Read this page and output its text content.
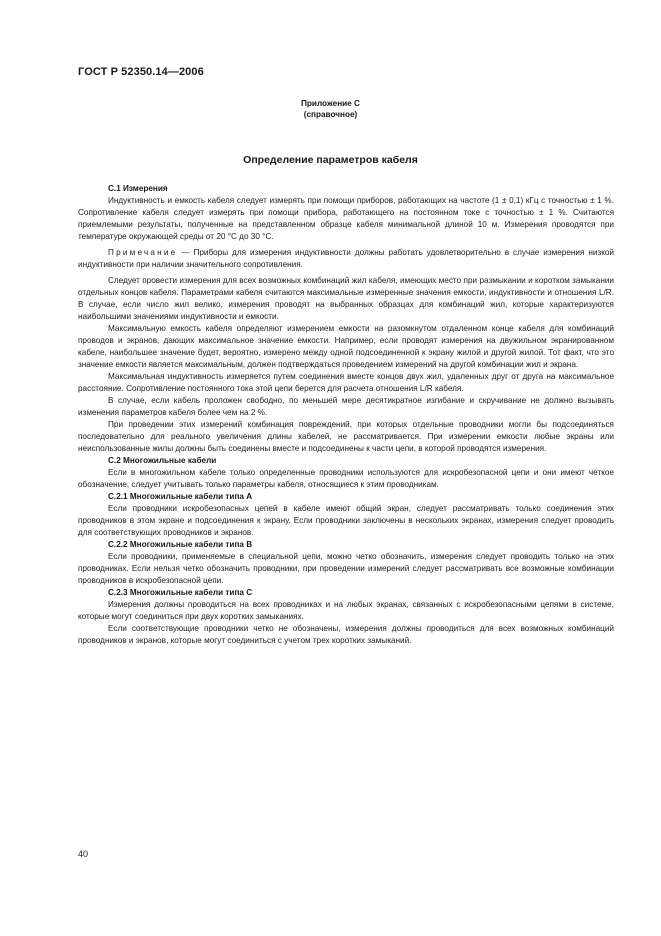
ГОСТ Р 52350.14—2006
Приложение С
(справочное)
Определение параметров кабеля

С.1 Измерения

Индуктивность и емкость кабеля следует измерять при помощи приборов, работающих на частоте (1 ± 0,1) кГц с точностью ± 1 %. Сопротивление кабеля следует измерять при помощи прибора, работающего на постоянном токе с точностью ± 1 %. Считаются приемлемыми результаты, полученные на представленном образце кабеля минимальной длиной 10 м. Измерения проводятся при температуре окружающей среды от 20 °С до 30 °С.

Примечание — Приборы для измерения индуктивности должны работать удовлетворительно в случае измерения низкой индуктивности при наличии значительного сопротивления.

Следует провести измерения для всех возможных комбинаций жил кабеля, имеющих место при размыкании и коротком замыкании отдельных концов кабеля. Параметрами кабеля считаются максимальные измеренные значения емкости, индуктивности и отношения L/R. В случае, если число жил велико, измерения проводят на выбранных образцах для комбинаций жил, которые характеризуются наибольшими значениями индуктивности и емкости.

Максимальную емкость кабеля определяют измерением емкости на разомкнутом отдаленном конце кабеля для комбинаций проводов и экранов, дающих максимальное значение емкости. Например, если проводят измерения на двужильном экранированном кабеле, наибольшее значение будет, вероятно, измерено между одной подсоединенной к экрану жилой и другой жилой. Тот факт, что это значение емкости является максимальным, должен подтверждаться проведением измерений на другой комбинации жил и экрана.

Максимальная индуктивность измеряется путем соединения вместе концов двух жил, удаленных друг от друга на максимальное расстояние. Сопротивление постоянного тока этой цепи берется для расчета отношения L/R кабеля.

В случае, если кабель проложен свободно, по меньшей мере десятикратное изгибание и скручивание не должно вызывать изменения параметров кабеля более чем на 2 %.

При проведении этих измерений комбинация повреждений, при которых отдельные проводники могли бы подсоединяться последовательно для реального увеличения длины кабелей, не рассматривается. При измерении емкости любые экраны или неиспользованные жилы должны быть соединены вместе и подсоединены к части цепи, в которой проводятся измерения.

С.2 Многожильные кабели

Если в многожильном кабеле только определенные проводники используются для искробезопасной цепи и они имеют четкое обозначение, следует учитывать только параметры кабеля, относящиеся к этим проводникам.

С.2.1 Многожильные кабели типа А

Если проводники искробезопасных цепей в кабеле имеют общий экран, следует рассматривать только соединения этих проводников в этом экране и подсоединения к экрану. Если проводники заключены в нескольких экранах, измерения следует проводить для соответствующих проводников и экранов.

С.2.2 Многожильные кабели типа В

Если проводники, применяемые в специальной цепи, можно четко обозначить, измерения следует проводить только на этих проводниках. Если нельзя четко обозначить проводники, при проведении измерений следует рассматривать все возможные комбинации проводников в искробезопасной цепи.

С.2.3 Многожильные кабели типа С

Измерения должны проводиться на всех проводниках и на любых экранах, связанных с искробезопасными цепями в системе, которые могут соединиться при двух коротких замыканиях.

Если соответствующие проводники четко не обозначены, измерения должны проводиться для всех возможных комбинаций проводников и экранов, которые могут соединиться с учетом трех коротких замыканий.

40
